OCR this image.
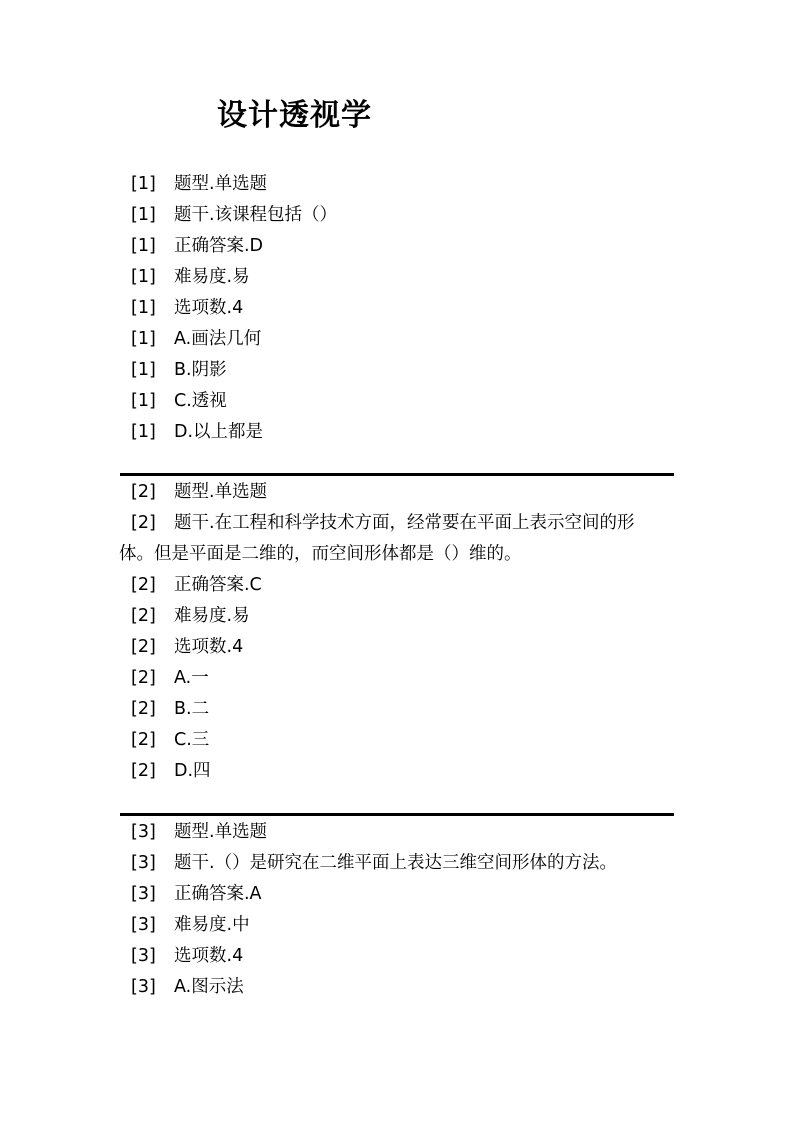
设计透视学
[1] 题型.单选题
[1] 题干.该课程包括（）
[1] 正确答案.D
[1] 难易度.易
[1] 选项数.4
[1] A.画法几何
[1] B.阴影
[1] C.透视
[1] D.以上都是
[2] 题型.单选题
[2] 题干.在工程和科学技术方面，经常要在平面上表示空间的形
体。但是平面是二维的，而空间形体都是（）维的。
[2] 正确答案.C
[2] 难易度.易
[2] 选项数.4
[2] A.一
[2] B.二
[2] C.三
[2] D.四
[3] 题型.单选题
[3] 题干.（）是研究在二维平面上表达三维空间形体的方法。
[3] 正确答案.A
[3] 难易度.中
[3] 选项数.4
[3] A.图示法
